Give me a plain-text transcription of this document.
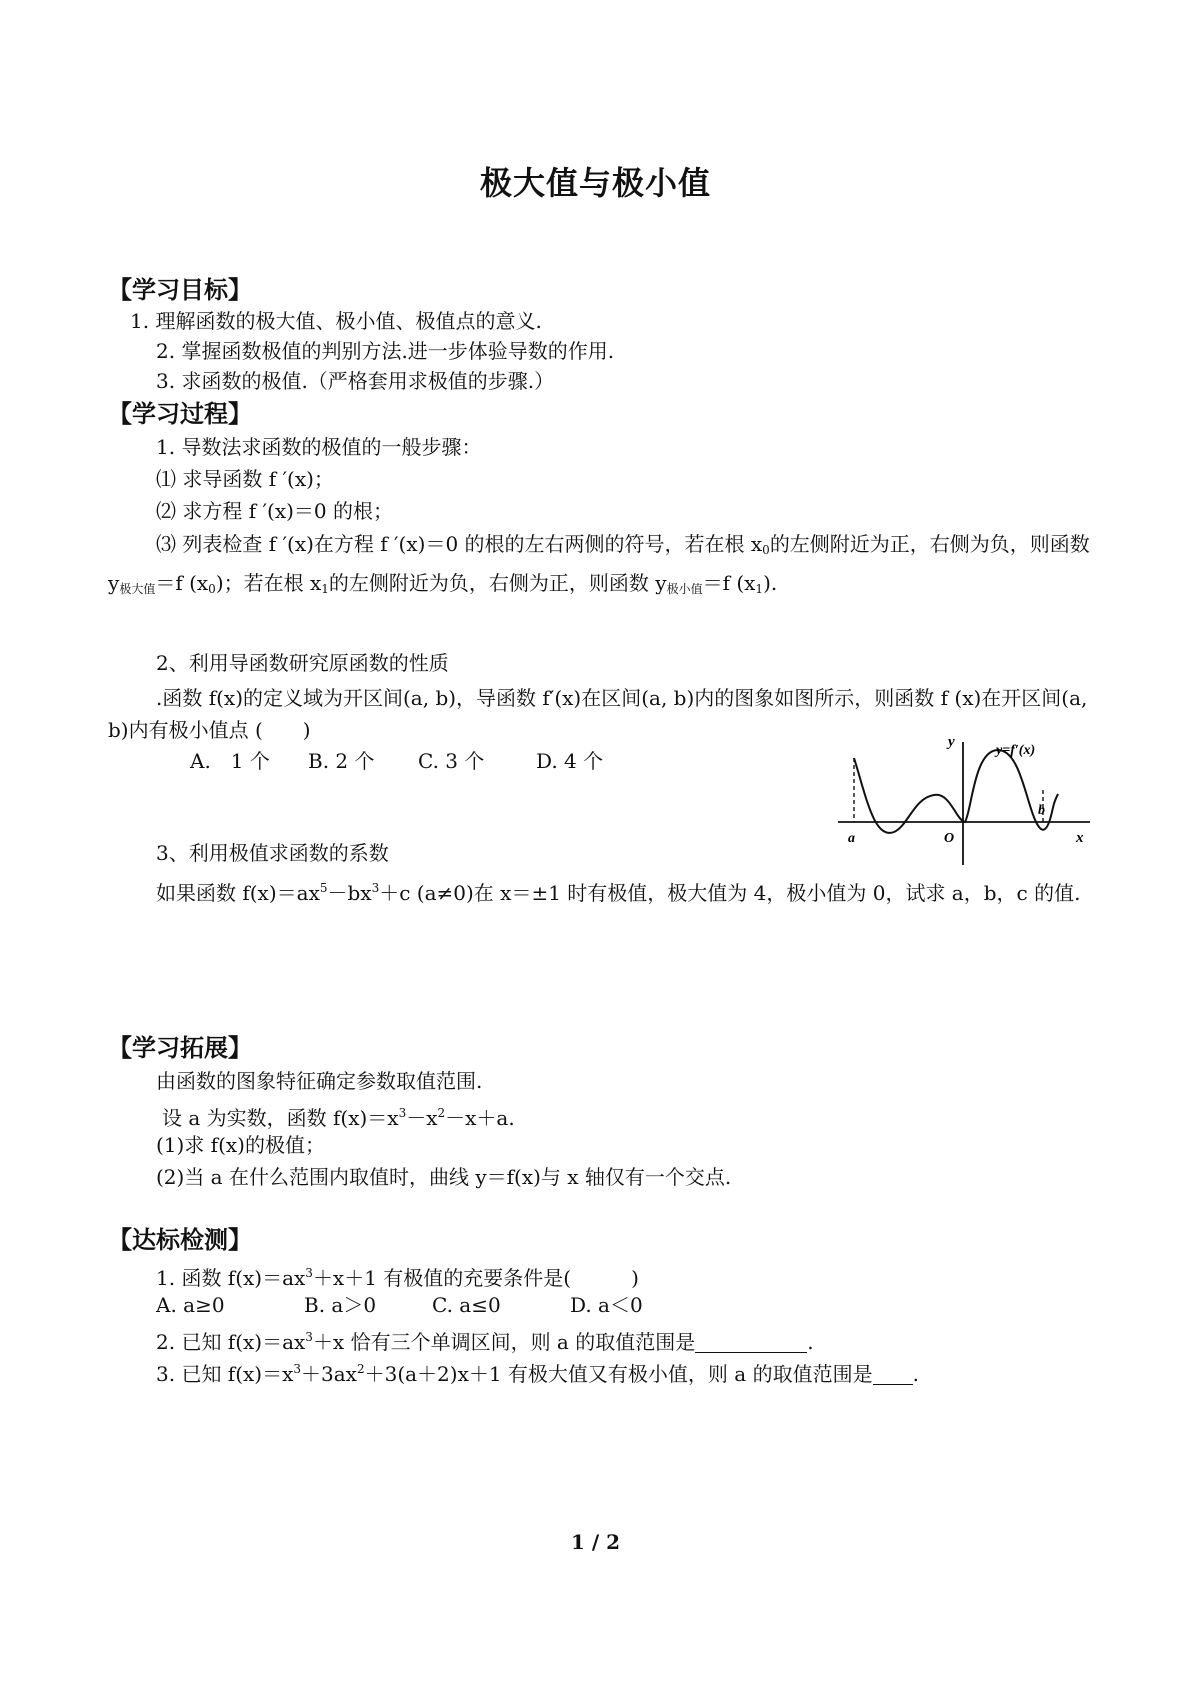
极大值与极小值
【学习目标】
1. 理解函数的极大值、极小值、极值点的意义.
2. 掌握函数极值的判别方法.进一步体验导数的作用.
3. 求函数的极值.（严格套用求极值的步骤.）
【学习过程】
1. 导数法求函数的极值的一般步骤：
⑴ 求导函数 f ′(x)；
⑵ 求方程 f ′(x)＝0 的根；
⑶ 列表检查 f ′(x)在方程 f ′(x)＝0 的根的左右两侧的符号，若在根 $x_0$的左侧附近为正，右侧为负，则函数 $y_{极大值}=f$ $(x_0)$；若在根 $x_1$的左侧附近为负，右侧为正，则函数 $y_{极小值}=f$ $(x_1)$.
2、利用导函数研究原函数的性质
.函数 f(x)的定义域为开区间(a, b)，导函数 f′(x)在区间(a, b)内的图象如图所示，则函数 f (x)在开区间(a, b)内有极小值点 (　　)
A.　1 个 B. 2 个 C. 3 个	D. 4 个
y
y=f′(x)
b
a	O	x
3、利用极值求函数的系数
如果函数 $f(x)=ax^5-bx^3+c$ (a≠0)在 x＝±1 时有极值，极大值为 4，极小值为 0，试求 a，b，c 的值.
【学习拓展】
由函数的图象特征确定参数取值范围.
设 a 为实数，函数 $f(x)=x^3-x^2-x+a$.
(1)求 f(x)的极值；
(2)当 a 在什么范围内取值时，曲线 y＝f(x)与 x 轴仅有一个交点.
【达标检测】
1. 函数 $f(x)=ax^3+x+1$ 有极值的充要条件是(　　　)
A. a≥0	B. a＞0	C. a≤0	D. a＜0
2. 已知 $f(x)=ax^3+x$ 恰有三个单调区间，则 a 的取值范围是	.
3. 已知 $f(x)=x^3+3ax^2+3(a+2)x+1$ 有极大值又有极小值，则 a 的取值范围是 .
1 / 2
